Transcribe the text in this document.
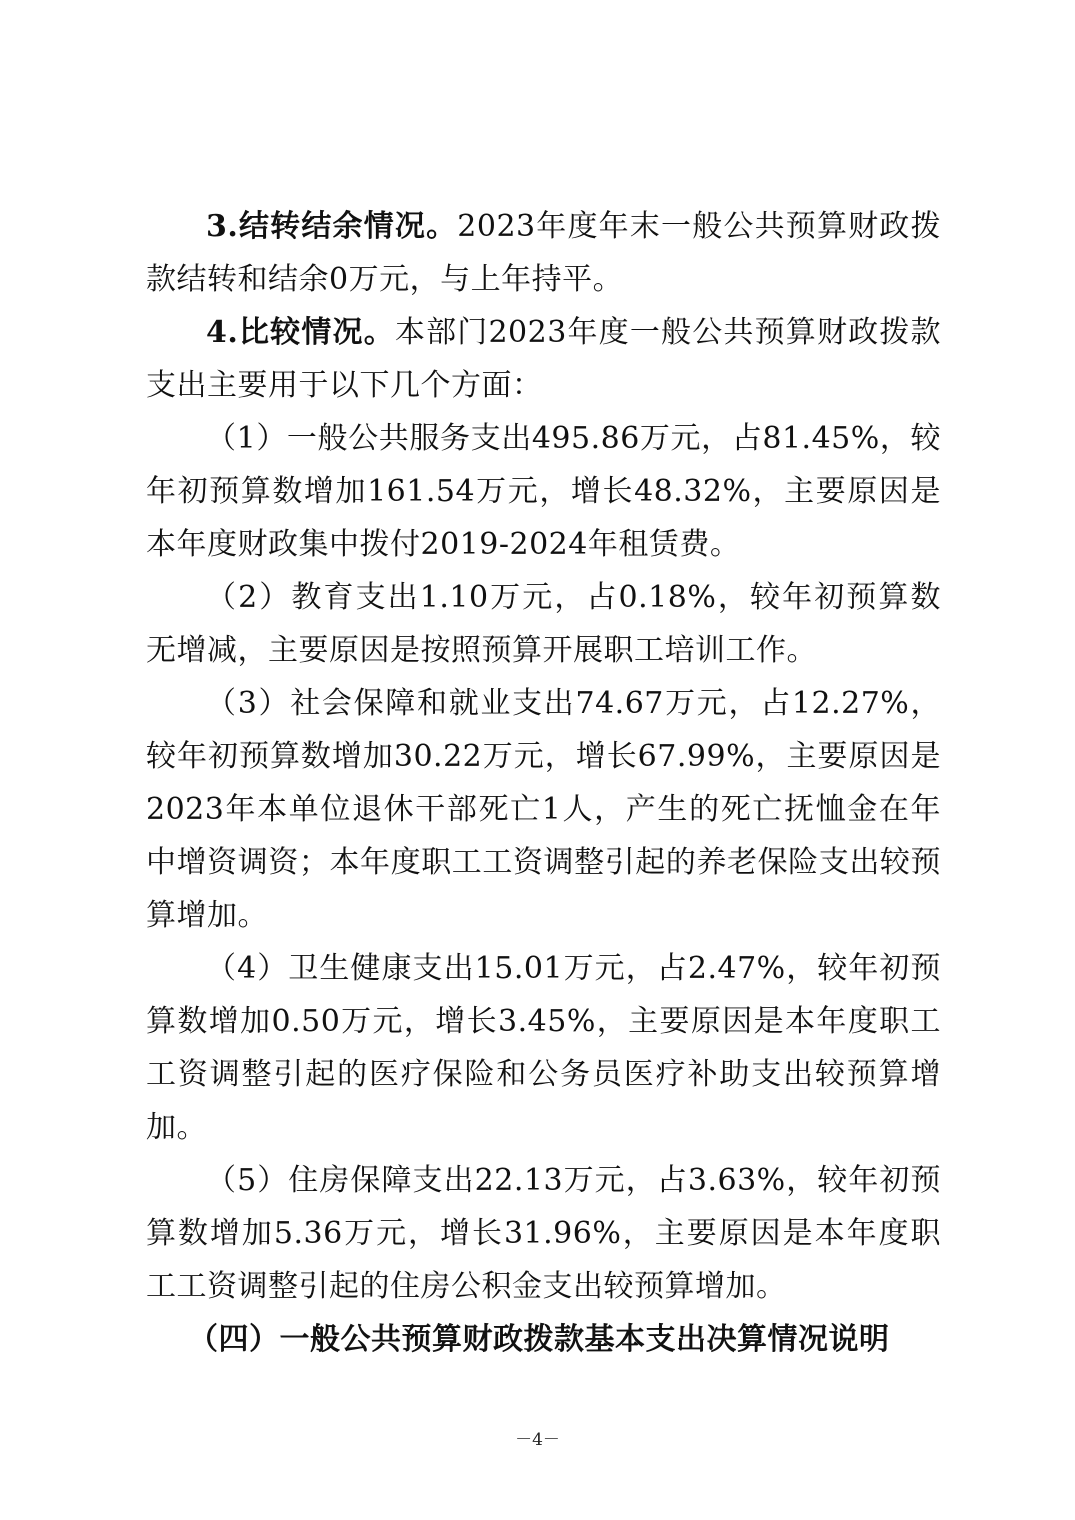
3.结转结余情况。2023年度年末一般公共预算财政拨款结转和结余0万元，与上年持平。

4.比较情况。本部门2023年度一般公共预算财政拨款支出主要用于以下几个方面：

（1）一般公共服务支出495.86万元，占81.45%，较年初预算数增加161.54万元，增长48.32%，主要原因是本年度财政集中拨付2019-2024年租赁费。

（2）教育支出1.10万元，占0.18%，较年初预算数无增减，主要原因是按照预算开展职工培训工作。

（3）社会保障和就业支出74.67万元，占12.27%，较年初预算数增加30.22万元，增长67.99%，主要原因是2023年本单位退休干部死亡1人，产生的死亡抚恤金在年中增资调资；本年度职工工资调整引起的养老保险支出较预算增加。

（4）卫生健康支出15.01万元，占2.47%，较年初预算数增加0.50万元，增长3.45%，主要原因是本年度职工工资调整引起的医疗保险和公务员医疗补助支出较预算增加。

（5）住房保障支出22.13万元，占3.63%，较年初预算数增加5.36万元，增长31.96%，主要原因是本年度职工工资调整引起的住房公积金支出较预算增加。

（四）一般公共预算财政拨款基本支出决算情况说明

－4－
